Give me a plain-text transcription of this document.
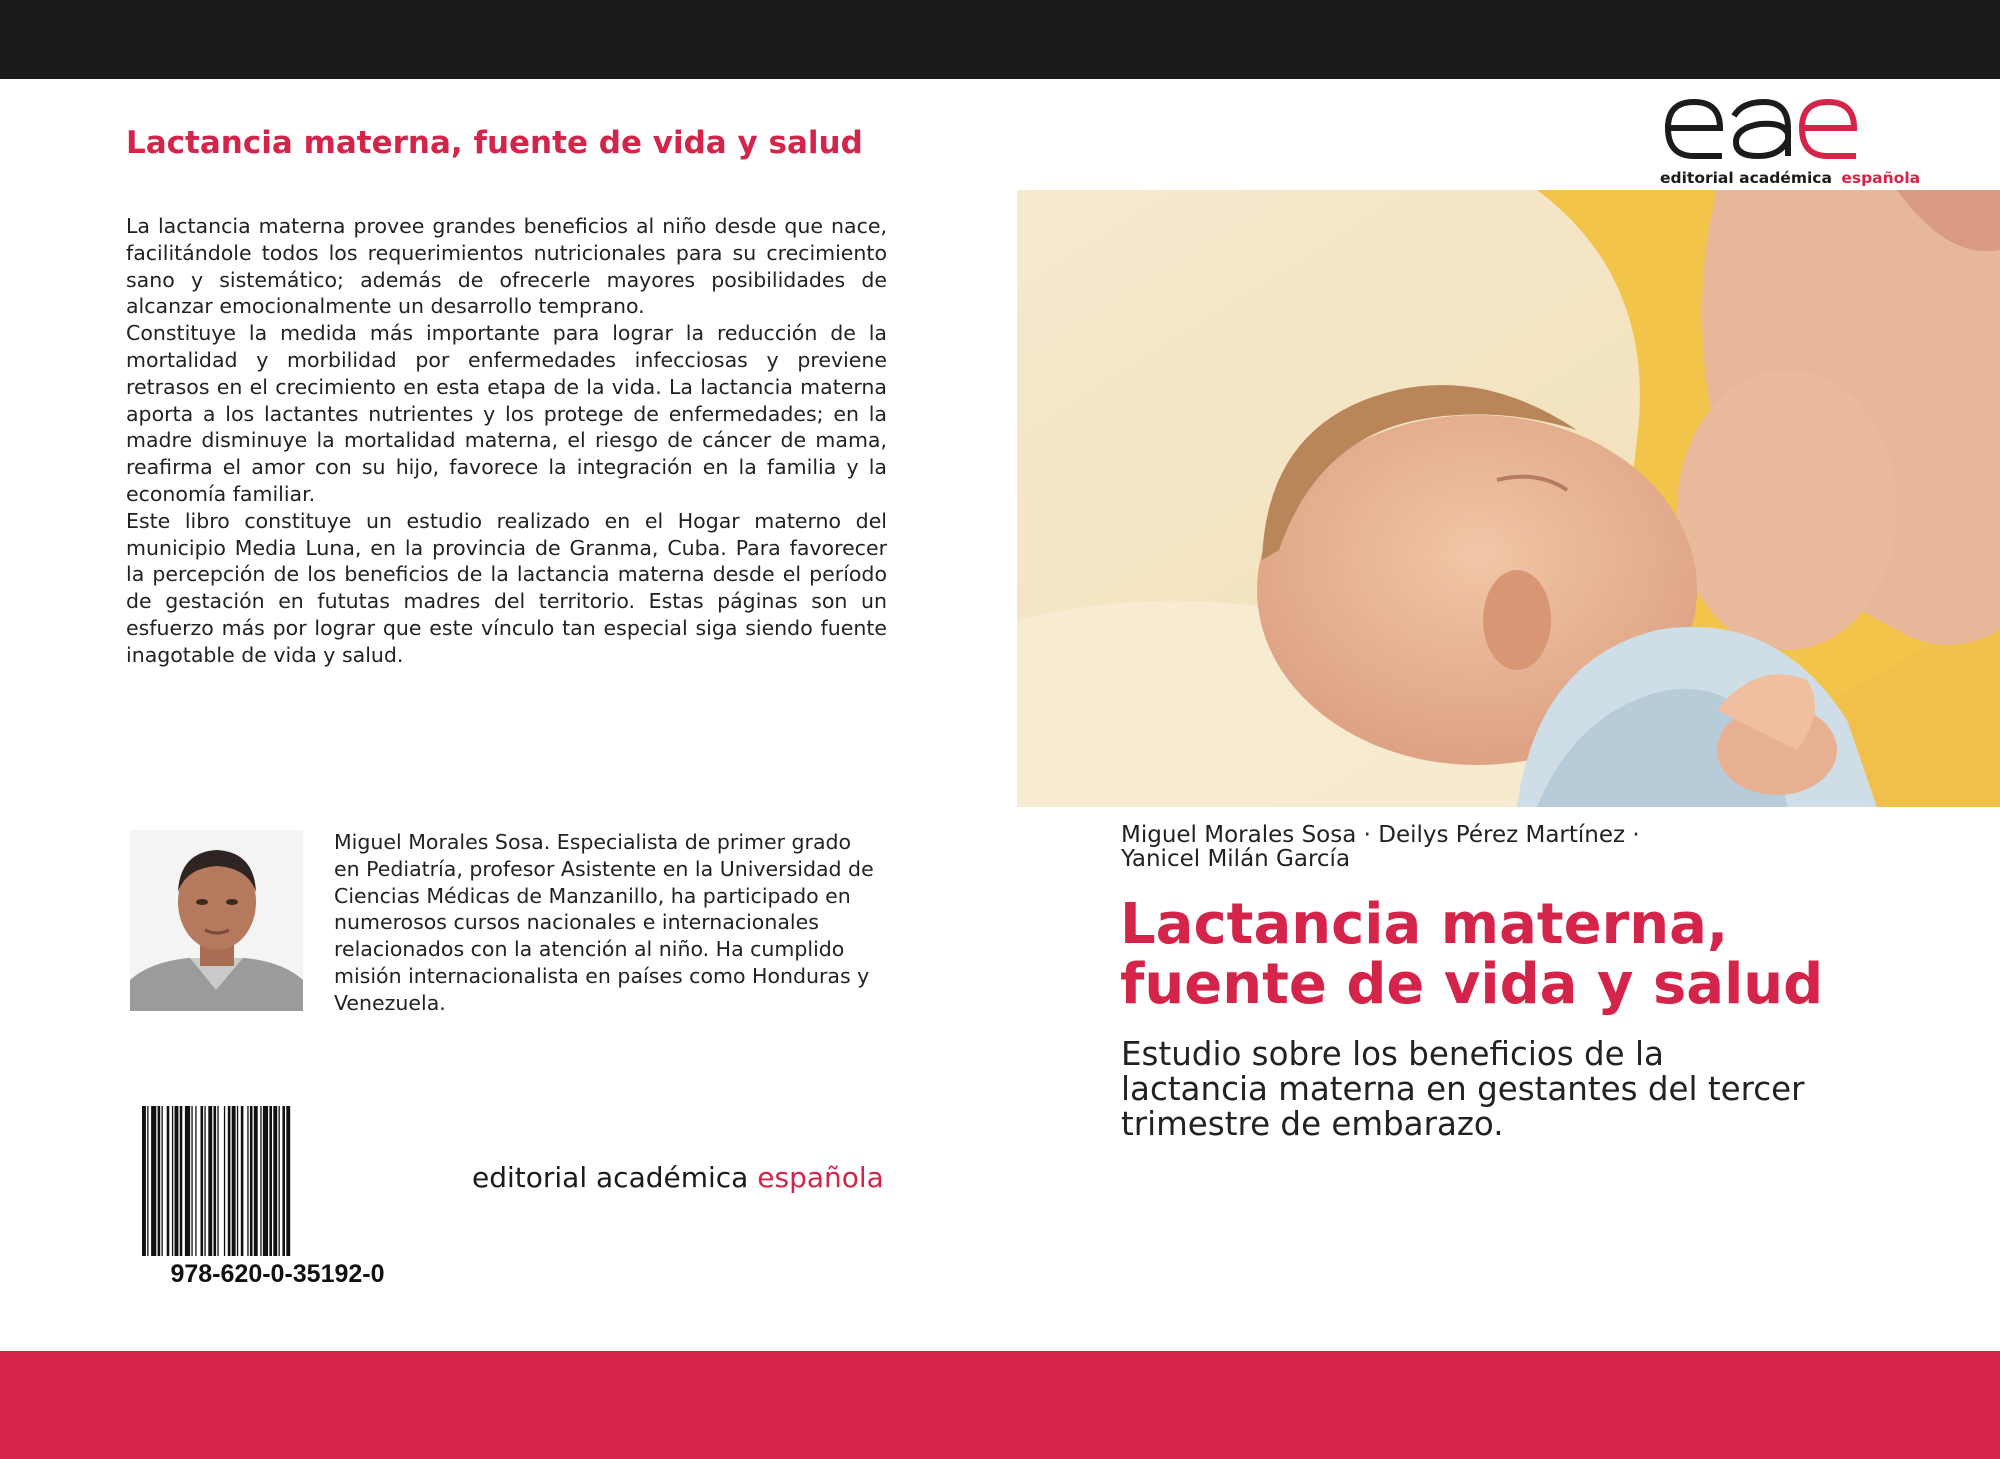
Lactancia materna, fuente de vida y salud

La lactancia materna provee grandes beneficios al niño desde que nace, facilitándole todos los requerimientos nutricionales para su crecimiento sano y sistemático; además de ofrecerle mayores posibilidades de alcanzar emocionalmente un desarrollo temprano.

Constituye la medida más importante para lograr la reducción de la mortalidad y morbilidad por enfermedades infecciosas y previene retrasos en el crecimiento en esta etapa de la vida. La lactancia materna aporta a los lactantes nutrientes y los protege de enfermedades; en la madre disminuye la mortalidad materna, el riesgo de cáncer de mama, reafirma el amor con su hijo, favorece la integración en la familia y la economía familiar.

Este libro constituye un estudio realizado en el Hogar materno del municipio Media Luna, en la provincia de Granma, Cuba. Para favorecer la percepción de los beneficios de la lactancia materna desde el período de gestación en fututas madres del territorio. Estas páginas son un esfuerzo más por lograr que este vínculo tan especial siga siendo fuente inagotable de vida y salud.

Miguel Morales Sosa. Especialista de primer grado en Pediatría, profesor Asistente en la Universidad de Ciencias Médicas de Manzanillo, ha participado en numerosos cursos nacionales e internacionales relacionados con la atención al niño. Ha cumplido misión internacionalista en países como Honduras y Venezuela.
978-620-0-35192-0
editorial académica española
editorial académica española
Miguel Morales Sosa · Deilys Pérez Martínez ·
Yanicel Milán García
Lactancia materna,
fuente de vida y salud
Estudio sobre los beneficios de la
lactancia materna en gestantes del tercer
trimestre de embarazo.
